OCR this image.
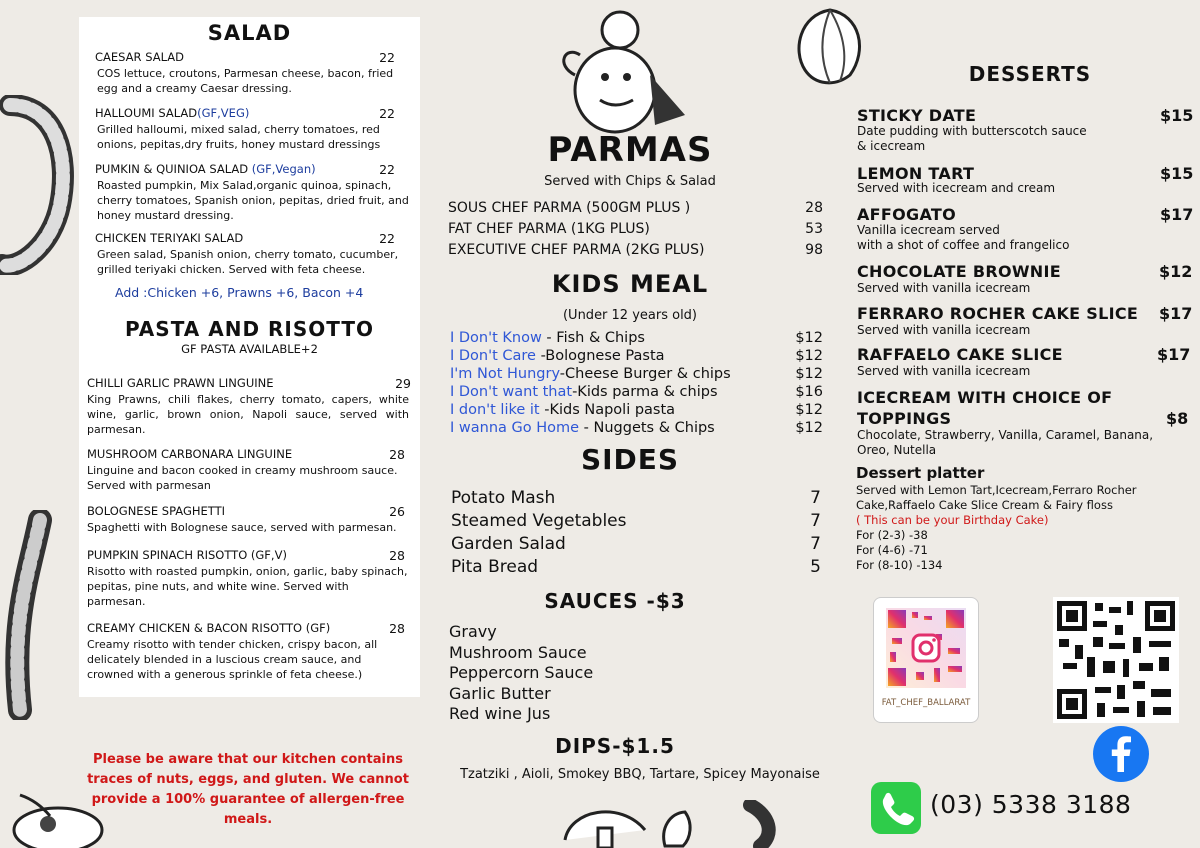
SALAD
CAESAR SALAD	22
COS lettuce, croutons, Parmesan cheese, bacon, fried egg and a creamy Caesar dressing.
HALLOUMI SALAD(GF,VEG)	22
Grilled halloumi, mixed salad, cherry tomatoes, red onions, pepitas,dry fruits, honey mustard dressings
PUMKIN & QUINIOA SALAD (GF,Vegan)	22
Roasted pumpkin, Mix Salad,organic quinoa, spinach, cherry tomatoes, Spanish onion, pepitas, dried fruit, and honey mustard dressing.
CHICKEN TERIYAKI SALAD	22
Green salad, Spanish onion, cherry tomato, cucumber, grilled teriyaki chicken. Served with feta cheese.
Add :Chicken +6, Prawns +6, Bacon +4
PASTA AND RISOTTO
GF PASTA AVAILABLE+2
CHILLI GARLIC PRAWN LINGUINE	29
King Prawns, chili flakes, cherry tomato, capers, white wine, garlic, brown onion, Napoli sauce, served with parmesan.
MUSHROOM CARBONARA LINGUINE	28
Linguine and bacon cooked in creamy mushroom sauce. Served with parmesan
BOLOGNESE SPAGHETTI	26
Spaghetti with Bolognese sauce, served with parmesan.
PUMPKIN SPINACH RISOTTO (GF,V)	28
Risotto with roasted pumpkin, onion, garlic, baby spinach, pepitas, pine nuts, and white wine. Served with parmesan.
CREAMY CHICKEN & BACON RISOTTO (GF)	28
Creamy risotto with tender chicken, crispy bacon, all delicately blended in a luscious cream sauce, and crowned with a generous sprinkle of feta cheese.)
Please be aware that our kitchen contains traces of nuts, eggs, and gluten. We cannot provide a 100% guarantee of allergen-free meals.
PARMAS
Served with Chips & Salad
SOUS CHEF PARMA (500GM PLUS )	28
FAT CHEF PARMA (1KG PLUS)	53
EXECUTIVE CHEF PARMA (2KG PLUS)	98
KIDS MEAL
(Under 12 years old)
I Don't Know - Fish & Chips	$12
I Don't Care -Bolognese Pasta	$12
I'm Not Hungry-Cheese Burger & chips	$12
I Don't want that-Kids parma & chips	$16
I don't like it -Kids Napoli pasta	$12
I wanna Go Home - Nuggets & Chips	$12
SIDES
Potato Mash	7
Steamed Vegetables	7
Garden Salad	7
Pita Bread	5
SAUCES -$3
Gravy
Mushroom Sauce
Peppercorn Sauce
Garlic Butter
Red wine Jus
DIPS-$1.5
Tzatziki , Aioli, Smokey BBQ, Tartare, Spicey Mayonaise
DESSERTS
STICKY DATE	$15
Date pudding with butterscotch sauce
& icecream
LEMON TART	$15
Served with icecream and cream
AFFOGATO	$17
Vanilla icecream served
with a shot of coffee and frangelico
CHOCOLATE BROWNIE	$12
Served with vanilla icecream
FERRARO ROCHER CAKE SLICE $17
Served with vanilla icecream
RAFFAELO CAKE SLICE	$17
Served with vanilla icecream
ICECREAM WITH CHOICE OF
TOPPINGS	$8
Chocolate, Strawberry, Vanilla, Caramel, Banana,
Oreo, Nutella
Dessert platter
Served with Lemon Tart,Icecream,Ferraro Rocher
Cake,Raffaelo Cake Slice Cream & Fairy floss
( This can be your Birthday Cake)
For (2-3) -38
For (4-6) -71
For (8-10) -134
FAT_CHEF_BALLARAT
(03) 5338 3188
